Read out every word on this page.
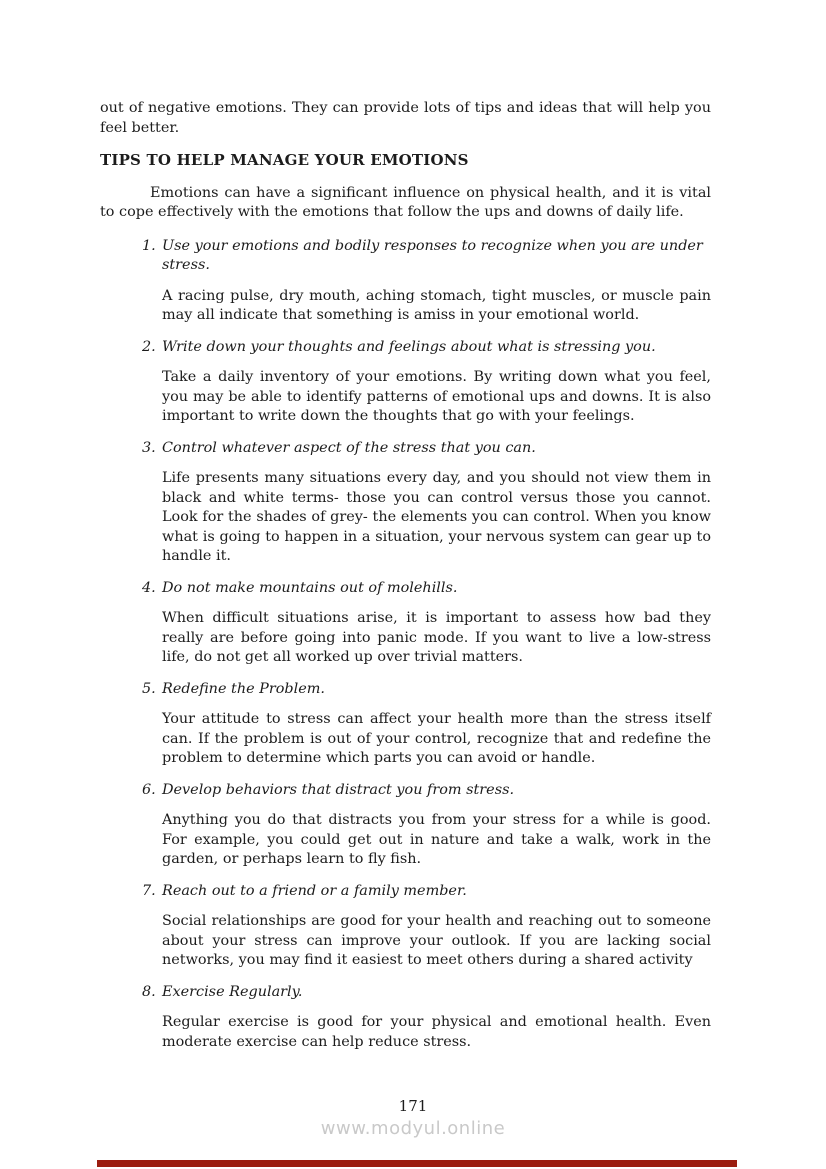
out of negative emotions. They can provide lots of tips and ideas that will help you feel better.

TIPS TO HELP MANAGE YOUR EMOTIONS

Emotions can have a significant influence on physical health, and it is vital to cope effectively with the emotions that follow the ups and downs of daily life.

1. Use your emotions and bodily responses to recognize when you are under stress.

A racing pulse, dry mouth, aching stomach, tight muscles, or muscle pain may all indicate that something is amiss in your emotional world.

2. Write down your thoughts and feelings about what is stressing you.

Take a daily inventory of your emotions. By writing down what you feel, you may be able to identify patterns of emotional ups and downs. It is also important to write down the thoughts that go with your feelings.

3. Control whatever aspect of the stress that you can.

Life presents many situations every day, and you should not view them in black and white terms- those you can control versus those you cannot. Look for the shades of grey- the elements you can control. When you know what is going to happen in a situation, your nervous system can gear up to handle it.

4. Do not make mountains out of molehills.

When difficult situations arise, it is important to assess how bad they really are before going into panic mode. If you want to live a low-stress life, do not get all worked up over trivial matters.

5. Redefine the Problem.

Your attitude to stress can affect your health more than the stress itself can. If the problem is out of your control, recognize that and redefine the problem to determine which parts you can avoid or handle.

6. Develop behaviors that distract you from stress.

Anything you do that distracts you from your stress for a while is good. For example, you could get out in nature and take a walk, work in the garden, or perhaps learn to fly fish.

7. Reach out to a friend or a family member.

Social relationships are good for your health and reaching out to someone about your stress can improve your outlook. If you are lacking social networks, you may find it easiest to meet others during a shared activity

8. Exercise Regularly.

Regular exercise is good for your physical and emotional health. Even moderate exercise can help reduce stress.

171
www.modyul.online
